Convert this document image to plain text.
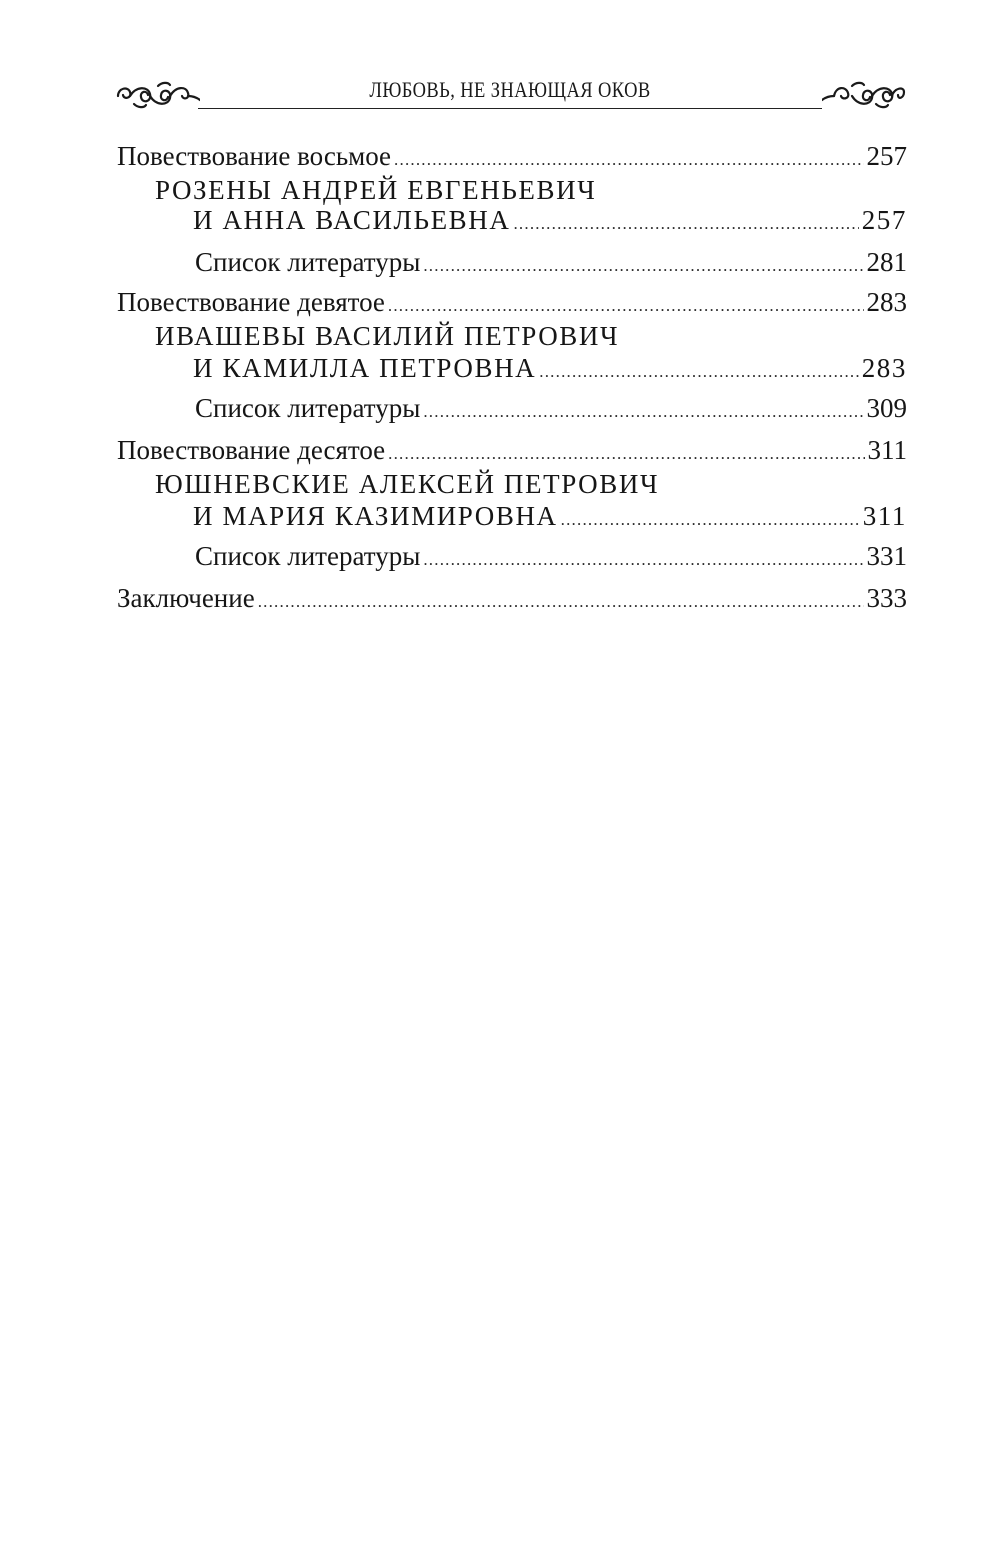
ЛЮБОВЬ, НЕ ЗНАЮЩАЯ ОКОВ
Повествование восьмое .....	257
РОЗЕНЫ АНДРЕЙ ЕВГЕНЬЕВИЧ
И АННА ВАСИЛЬЕВНА .....	257
Список литературы .....	281
Повествование девятое .....	283
ИВАШЕВЫ ВАСИЛИЙ ПЕТРОВИЧ
И КАМИЛЛА ПЕТРОВНА .....	283
Список литературы .....	309
Повествование десятое .....	311
ЮШНЕВСКИЕ АЛЕКСЕЙ ПЕТРОВИЧ
И МАРИЯ КАЗИМИРОВНА .....	311
Список литературы .....	331
Заключение .....	333
